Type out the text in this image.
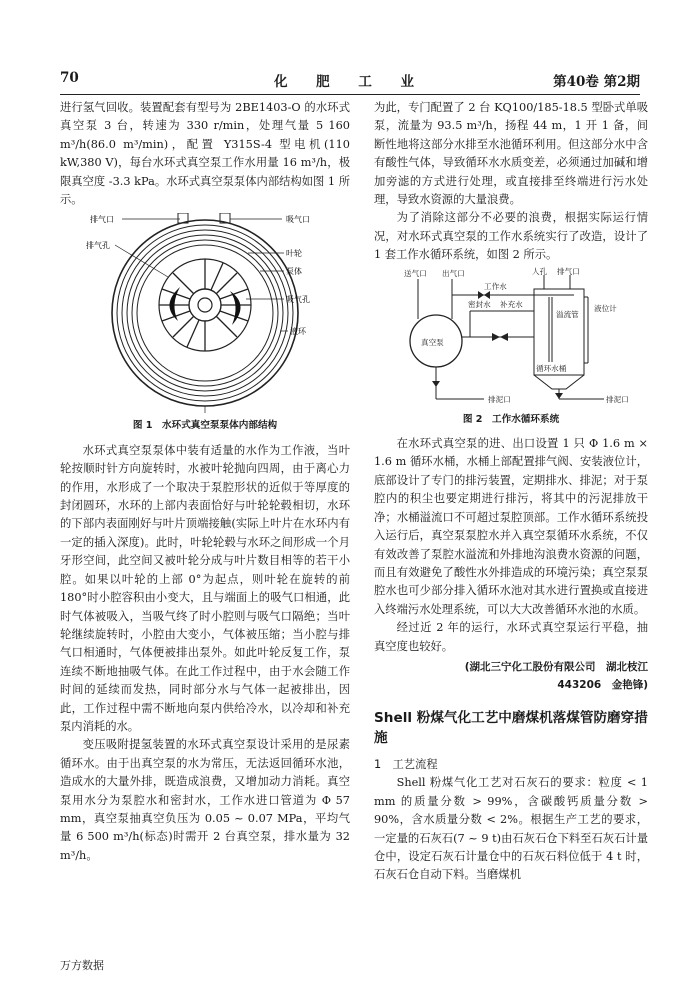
70	化 肥 工 业	第40卷 第2期

进行氢气回收。装置配套有型号为 2BE1403-O 的水环式真空泵 3 台，转速为 330 r/min，处理气量 5 160 m³/h(86.0 m³/min)，配置 Y315S-4 型电机(110 kW,380 V)，每台水环式真空泵工作水用量 16 m³/h，极限真空度 -3.3 kPa。水环式真空泵泵体内部结构如图 1 所示。

排气口	吸气口
排气孔
叶轮
泵体
吸气孔
液环
图 1　水环式真空泵泵体内部结构

水环式真空泵泵体中装有适量的水作为工作液，当叶轮按顺时针方向旋转时，水被叶轮抛向四周，由于离心力的作用，水形成了一个取决于泵腔形状的近似于等厚度的封闭圆环，水环的上部内表面恰好与叶轮轮毂相切，水环的下部内表面刚好与叶片顶端接触(实际上叶片在水环内有一定的插入深度)。此时，叶轮轮毂与水环之间形成一个月牙形空间，此空间又被叶轮分成与叶片数目相等的若干小腔。如果以叶轮的上部 0°为起点，则叶轮在旋转的前 180°时小腔容积由小变大，且与端面上的吸气口相通，此时气体被吸入，当吸气终了时小腔则与吸气口隔绝；当叶轮继续旋转时，小腔由大变小，气体被压缩；当小腔与排气口相通时，气体便被排出泵外。如此叶轮反复工作，泵连续不断地抽吸气体。在此工作过程中，由于水会随工作时间的延续而发热，同时部分水与气体一起被排出，因此，工作过程中需不断地向泵内供给冷水，以冷却和补充泵内消耗的水。

变压吸附提氢装置的水环式真空泵设计采用的是尿素循环水。由于出真空泵的水为常压，无法返回循环水池，造成水的大量外排，既造成浪费，又增加动力消耗。真空泵用水分为泵腔水和密封水，工作水进口管道为 Φ 57 mm，真空泵抽真空负压为 0.05 ~ 0.07 MPa，平均气量 6 500 m³/h(标态)时需开 2 台真空泵，排水量为 32 m³/h。

为此，专门配置了 2 台 KQ100/185-18.5 型卧式单吸泵，流量为 93.5 m³/h，扬程 44 m，1 开 1 备，间断性地将这部分水排至水池循环利用。但这部分水中含有酸性气体，导致循环水水质变差，必须通过加碱和增加旁滤的方式进行处理，或直接排至终端进行污水处理，导致水资源的大量浪费。

为了消除这部分不必要的浪费，根据实际运行情况，对水环式真空泵的工作水系统实行了改造，设计了 1 套工作水循环系统，如图 2 所示。

送气口 出气口	人孔 排气口
工作水
液位计
密封水 补充水
溢流管
真空泵
循环水桶
排泥口	排泥口
图 2　工作水循环系统

在水环式真空泵的进、出口设置 1 只 Φ 1.6 m × 1.6 m 循环水桶，水桶上部配置排气阀、安装液位计，底部设计了专门的排污装置，定期排水、排泥；对于泵腔内的积尘也要定期进行排污，将其中的污泥排放干净；水桶溢流口不可超过泵腔顶部。工作水循环系统投入运行后，真空泵泵腔水并入真空泵循环水系统，不仅有效改善了泵腔水溢流和外排地沟浪费水资源的问题，而且有效避免了酸性水外排造成的环境污染；真空泵泵腔水也可少部分排入循环水池对其水进行置换或直接进入终端污水处理系统，可以大大改善循环水池的水质。

经过近 2 年的运行，水环式真空泵运行平稳，抽真空度也较好。

(湖北三宁化工股份有限公司　湖北枝江
443206　金艳锋)
Shell 粉煤气化工艺中磨煤机落煤管防磨穿措施

1　工艺流程

Shell 粉煤气化工艺对石灰石的要求：粒度 < 1 mm 的质量分数 > 99%，含碳酸钙质量分数 > 90%，含水质量分数 < 2%。根据生产工艺的要求，一定量的石灰石(7 ~ 9 t)由石灰石仓下料至石灰石计量仓中，设定石灰石计量仓中的石灰石料位低于 4 t 时，石灰石仓自动下料。当磨煤机

万方数据
